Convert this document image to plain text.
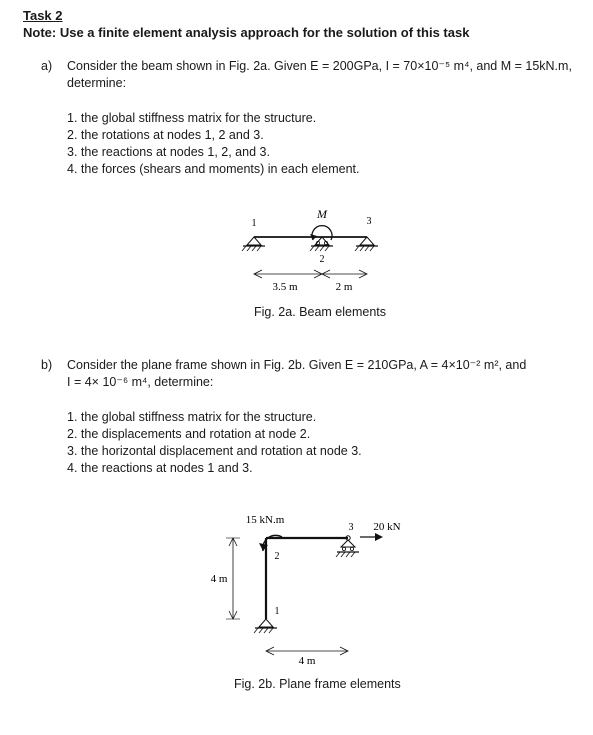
Task 2
Note: Use a finite element analysis approach for the solution of this task
a) Consider the beam shown in Fig. 2a. Given E = 200GPa, I = 70×10⁻⁵ m⁴, and M = 15kN.m,
determine:
1. the global stiffness matrix for the structure.
2. the rotations at nodes 1, 2 and 3.
3. the reactions at nodes 1, 2, and 3.
4. the forces (shears and moments) in each element.
M
1
2
3
3.5 m	2 m
15 kN.m
20 kN
1
2
3
4 m
4 m
Fig. 2a. Beam elements
b) Consider the plane frame shown in Fig. 2b. Given E = 210GPa, A = 4×10⁻² m², and
I = 4× 10⁻⁶ m⁴, determine:
1. the global stiffness matrix for the structure.
2. the displacements and rotation at node 2.
3. the horizontal displacement and rotation at node 3.
4. the reactions at nodes 1 and 3.
Fig. 2b. Plane frame elements
